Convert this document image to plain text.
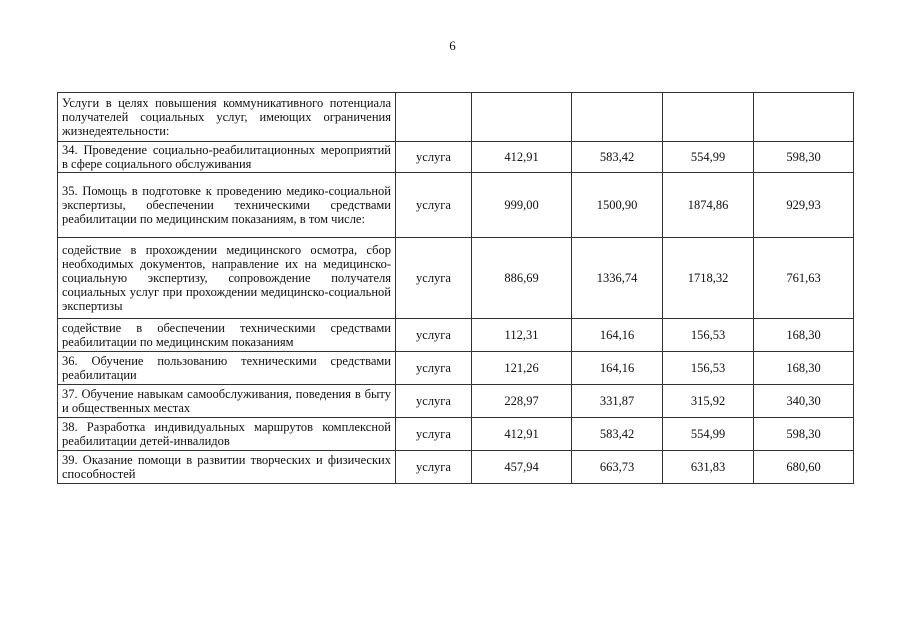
6
Услуги в целях повышения коммуникативного потенциала получателей социальных услуг, имеющих ограничения жизнедеятельности:					
34. Проведение социально-реабилитационных мероприятий в сфере социального обслуживания	услуга	412,91	583,42	554,99	598,30
35. Помощь в подготовке к проведению медико-социальной экспертизы, обеспечении техническими средствами реабилитации по медицинским показаниям, в том числе:	услуга	999,00	1500,90	1874,86	929,93
содействие в прохождении медицинского осмотра, сбор необходимых документов, направление их на медицинско-социальную экспертизу, сопровождение получателя социальных услуг при прохождении медицинско-социальной экспертизы	услуга	886,69	1336,74	1718,32	761,63
содействие в обеспечении техническими средствами реабилитации по медицинским показаниям	услуга	112,31	164,16	156,53	168,30
36. Обучение пользованию техническими средствами реабилитации	услуга	121,26	164,16	156,53	168,30
37. Обучение навыкам самообслуживания, поведения в быту и общественных местах	услуга	228,97	331,87	315,92	340,30
38. Разработка индивидуальных маршрутов комплексной реабилитации детей-инвалидов	услуга	412,91	583,42	554,99	598,30
39. Оказание помощи в развитии творческих и физических способностей	услуга	457,94	663,73	631,83	680,60
